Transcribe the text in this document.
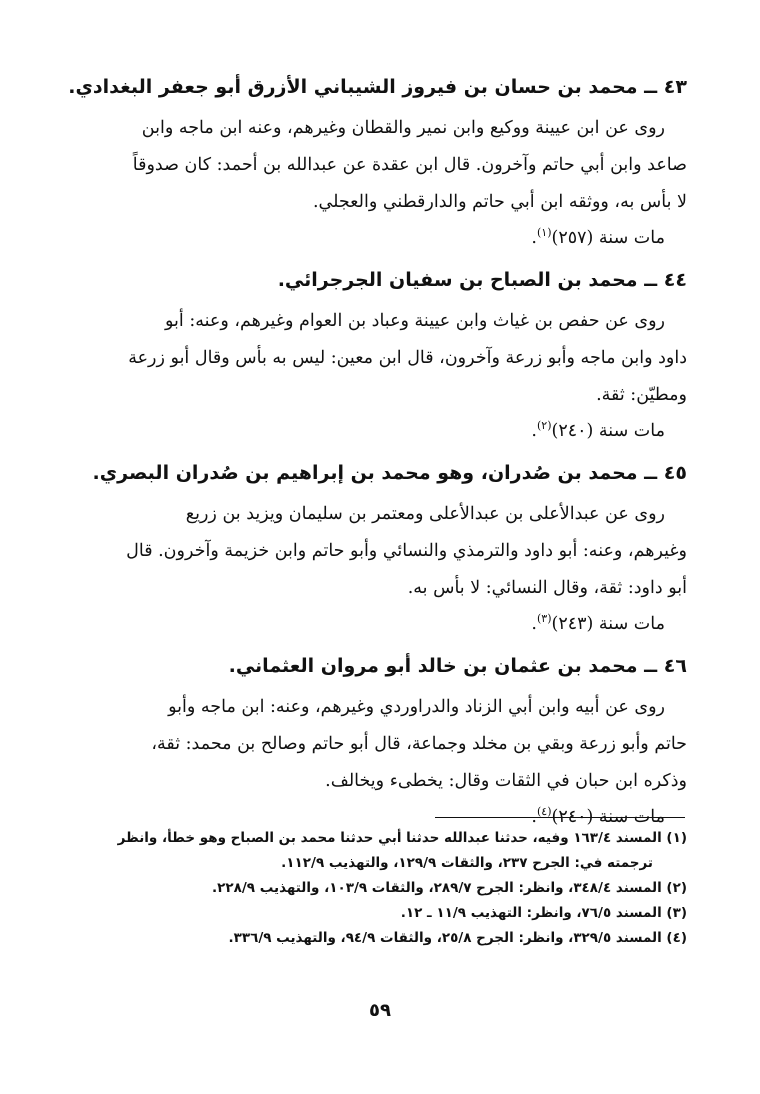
٤٣ ــ محمد بن حسان بن فيروز الشيباني الأزرق أبو جعفر البغدادي.

روى عن ابن عيينة ووكيع وابن نمير والقطان وغيرهم، وعنه ابن ماجه وابن

صاعد وابن أبي حاتم وآخرون. قال ابن عقدة عن عبدالله بن أحمد: كان صدوقاً

لا بأس به، ووثقه ابن أبي حاتم والدارقطني والعجلي.

مات سنة (٢٥٧)$^{(١)}$.

٤٤ ــ محمد بن الصباح بن سفيان الجرجرائي.

روى عن حفص بن غياث وابن عيينة وعباد بن العوام وغيرهم، وعنه: أبو

داود وابن ماجه وأبو زرعة وآخرون، قال ابن معين: ليس به بأس وقال أبو زرعة

ومطيّن: ثقة.

مات سنة (٢٤٠)$^{(٢)}$.

٤٥ ــ محمد بن صُدران، وهو محمد بن إبراهيم بن صُدران البصري.

روى عن عبدالأعلى بن عبدالأعلى ومعتمر بن سليمان ويزيد بن زريع

وغيرهم، وعنه: أبو داود والترمذي والنسائي وأبو حاتم وابن خزيمة وآخرون. قال

أبو داود: ثقة، وقال النسائي: لا بأس به.

مات سنة (٢٤٣)$^{(٣)}$.

٤٦ ــ محمد بن عثمان بن خالد أبو مروان العثماني.

روى عن أبيه وابن أبي الزناد والدراوردي وغيرهم، وعنه: ابن ماجه وأبو

حاتم وأبو زرعة وبقي بن مخلد وجماعة، قال أبو حاتم وصالح بن محمد: ثقة،

وذكره ابن حبان في الثقات وقال: يخطىء ويخالف.

مات سنة (٢٤٠)$^{(٤)}$.

(١) المسند ١٦٣/٤ وفيه، حدثنا عبدالله حدثنا أبي حدثنا محمد بن الصباح وهو خطأ، وانظر
ترجمته في: الجرح ٢٣٧، والثقات ١٢٩/٩، والتهذيب ١١٢/٩.

(٢) المسند ٣٤٨/٤، وانظر: الجرح ٢٨٩/٧، والثقات ١٠٣/٩، والتهذيب ٢٢٨/٩.

(٣) المسند ٧٦/٥، وانظر: التهذيب ١١/٩ ـ ١٢.

(٤) المسند ٣٢٩/٥، وانظر: الجرح ٢٥/٨، والثقات ٩٤/٩، والتهذيب ٣٣٦/٩.

٥٩
